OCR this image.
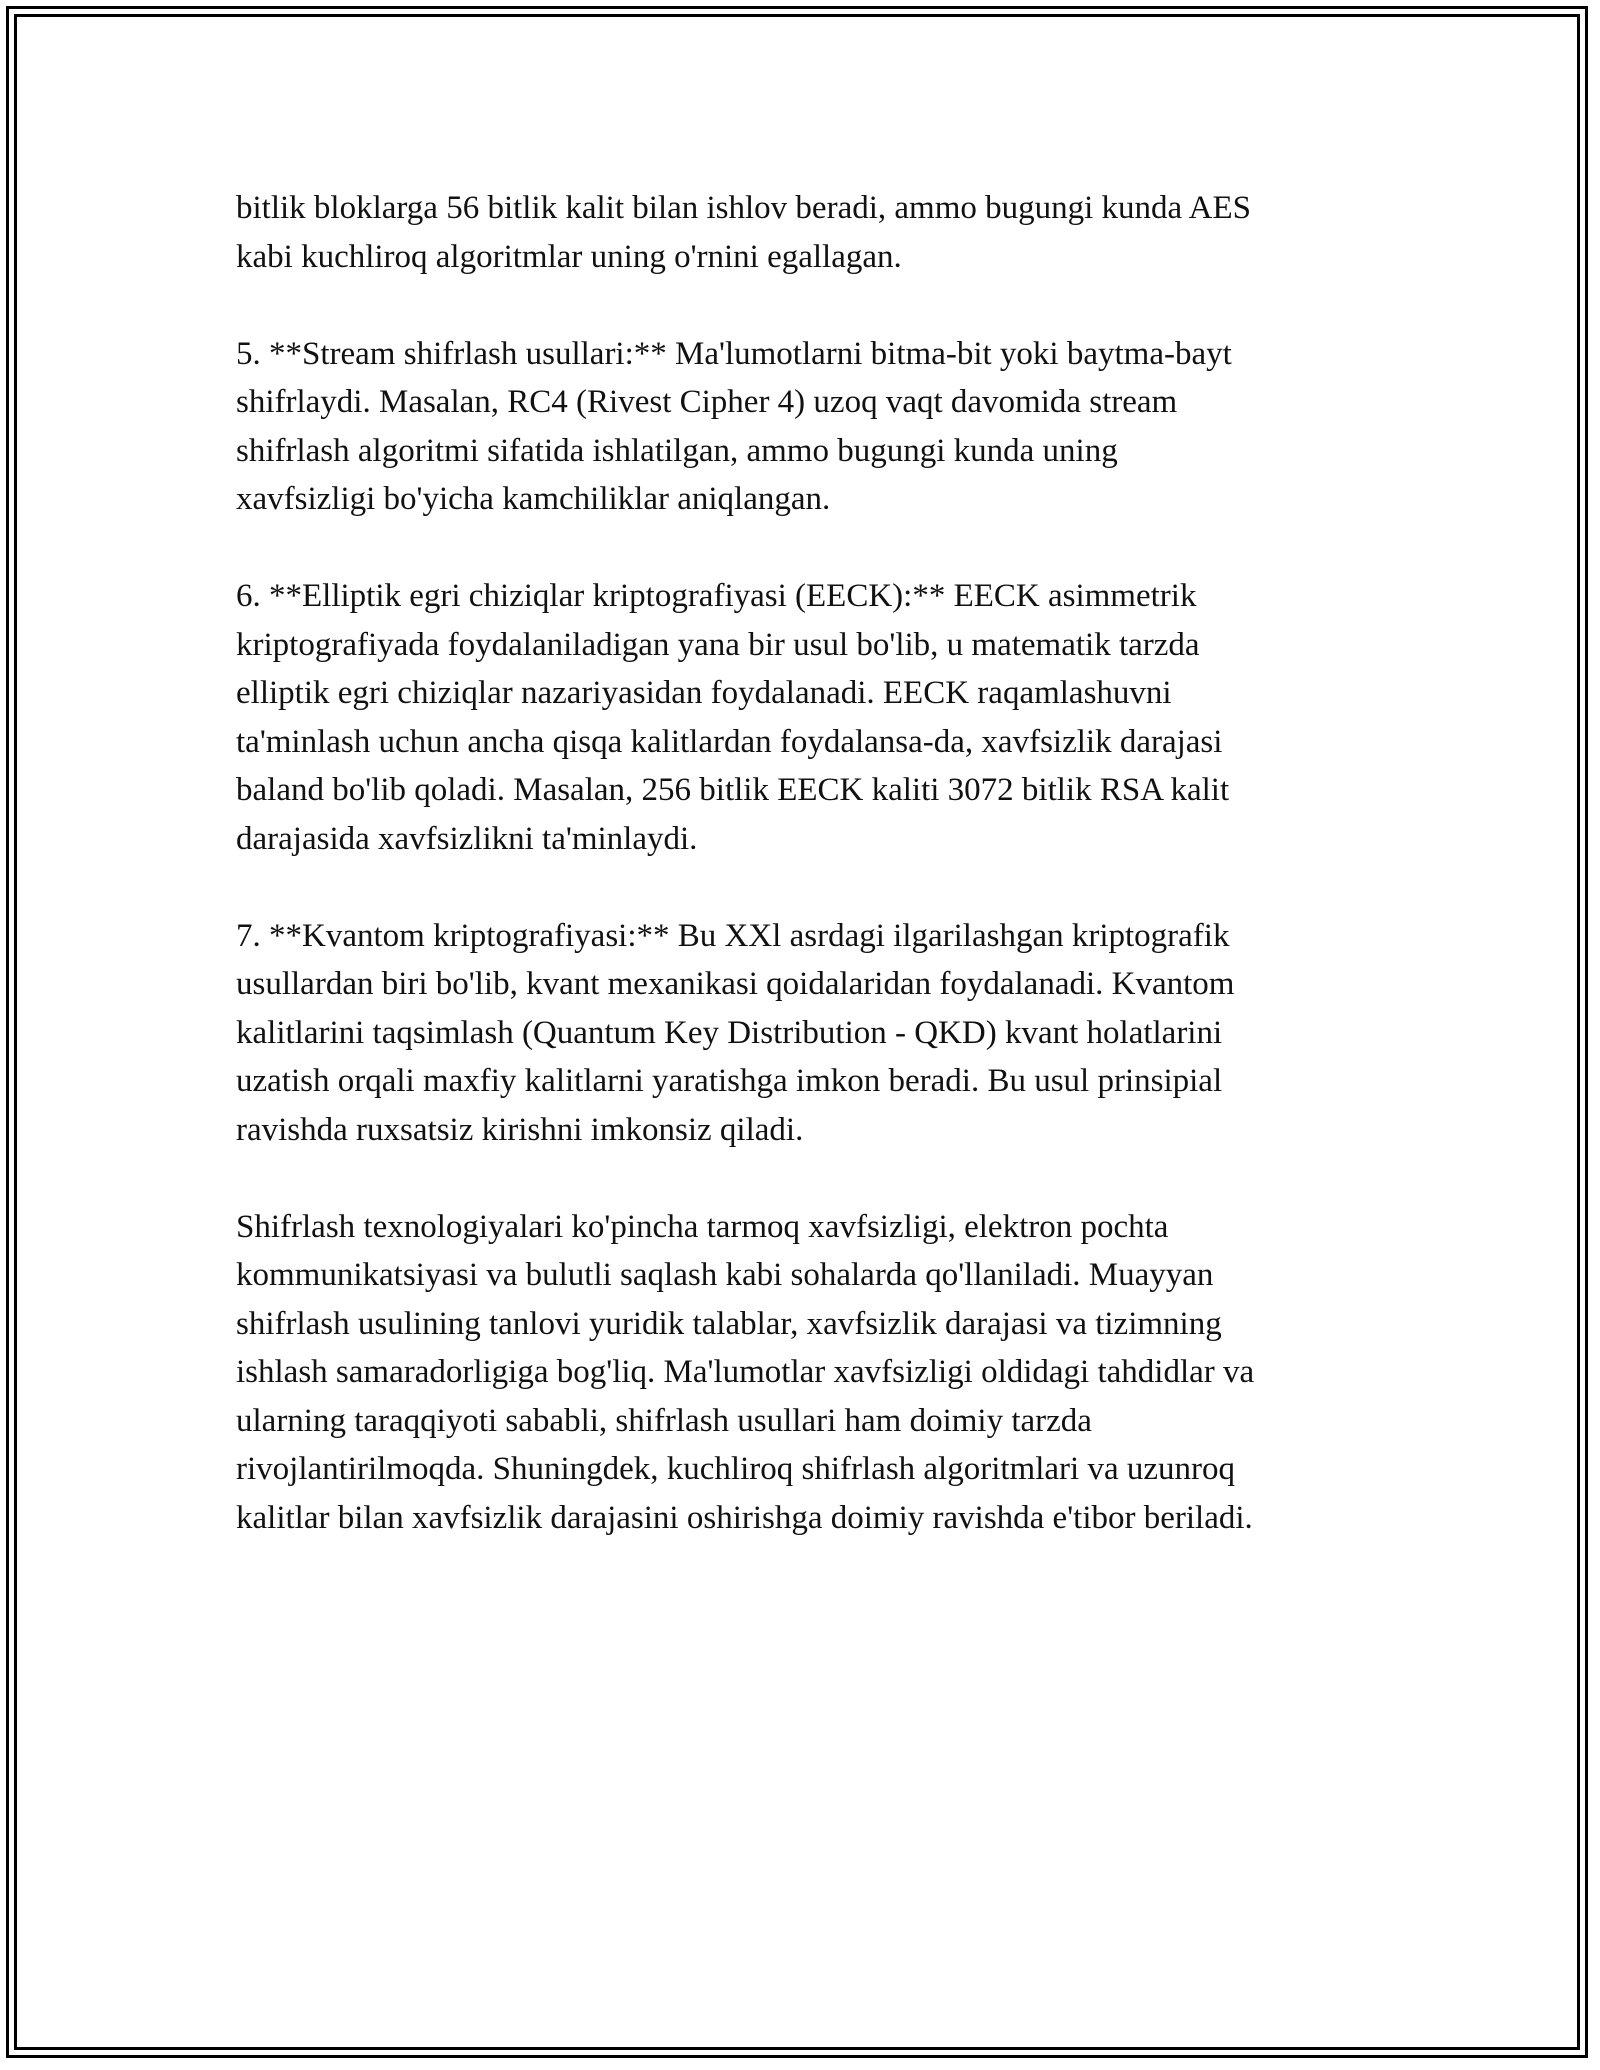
bitlik bloklarga 56 bitlik kalit bilan ishlov beradi, ammo bugungi kunda AES
kabi kuchliroq algoritmlar uning o'rnini egallagan.

5. **Stream shifrlash usullari:** Ma'lumotlarni bitma-bit yoki baytma-bayt
shifrlaydi. Masalan, RC4 (Rivest Cipher 4) uzoq vaqt davomida stream
shifrlash algoritmi sifatida ishlatilgan, ammo bugungi kunda uning
xavfsizligi bo'yicha kamchiliklar aniqlangan.

6. **Elliptik egri chiziqlar kriptografiyasi (EECK):** EECK asimmetrik
kriptografiyada foydalaniladigan yana bir usul bo'lib, u matematik tarzda
elliptik egri chiziqlar nazariyasidan foydalanadi. EECK raqamlashuvni
ta'minlash uchun ancha qisqa kalitlardan foydalansa-da, xavfsizlik darajasi
baland bo'lib qoladi. Masalan, 256 bitlik EECK kaliti 3072 bitlik RSA kalit
darajasida xavfsizlikni ta'minlaydi.

7. **Kvantom kriptografiyasi:** Bu XXl asrdagi ilgarilashgan kriptografik
usullardan biri bo'lib, kvant mexanikasi qoidalaridan foydalanadi. Kvantom
kalitlarini taqsimlash (Quantum Key Distribution - QKD) kvant holatlarini
uzatish orqali maxfiy kalitlarni yaratishga imkon beradi. Bu usul prinsipial
ravishda ruxsatsiz kirishni imkonsiz qiladi.

Shifrlash texnologiyalari ko'pincha tarmoq xavfsizligi, elektron pochta
kommunikatsiyasi va bulutli saqlash kabi sohalarda qo'llaniladi. Muayyan
shifrlash usulining tanlovi yuridik talablar, xavfsizlik darajasi va tizimning
ishlash samaradorligiga bog'liq. Ma'lumotlar xavfsizligi oldidagi tahdidlar va
ularning taraqqiyoti sababli, shifrlash usullari ham doimiy tarzda
rivojlantirilmoqda. Shuningdek, kuchliroq shifrlash algoritmlari va uzunroq
kalitlar bilan xavfsizlik darajasini oshirishga doimiy ravishda e'tibor beriladi.
